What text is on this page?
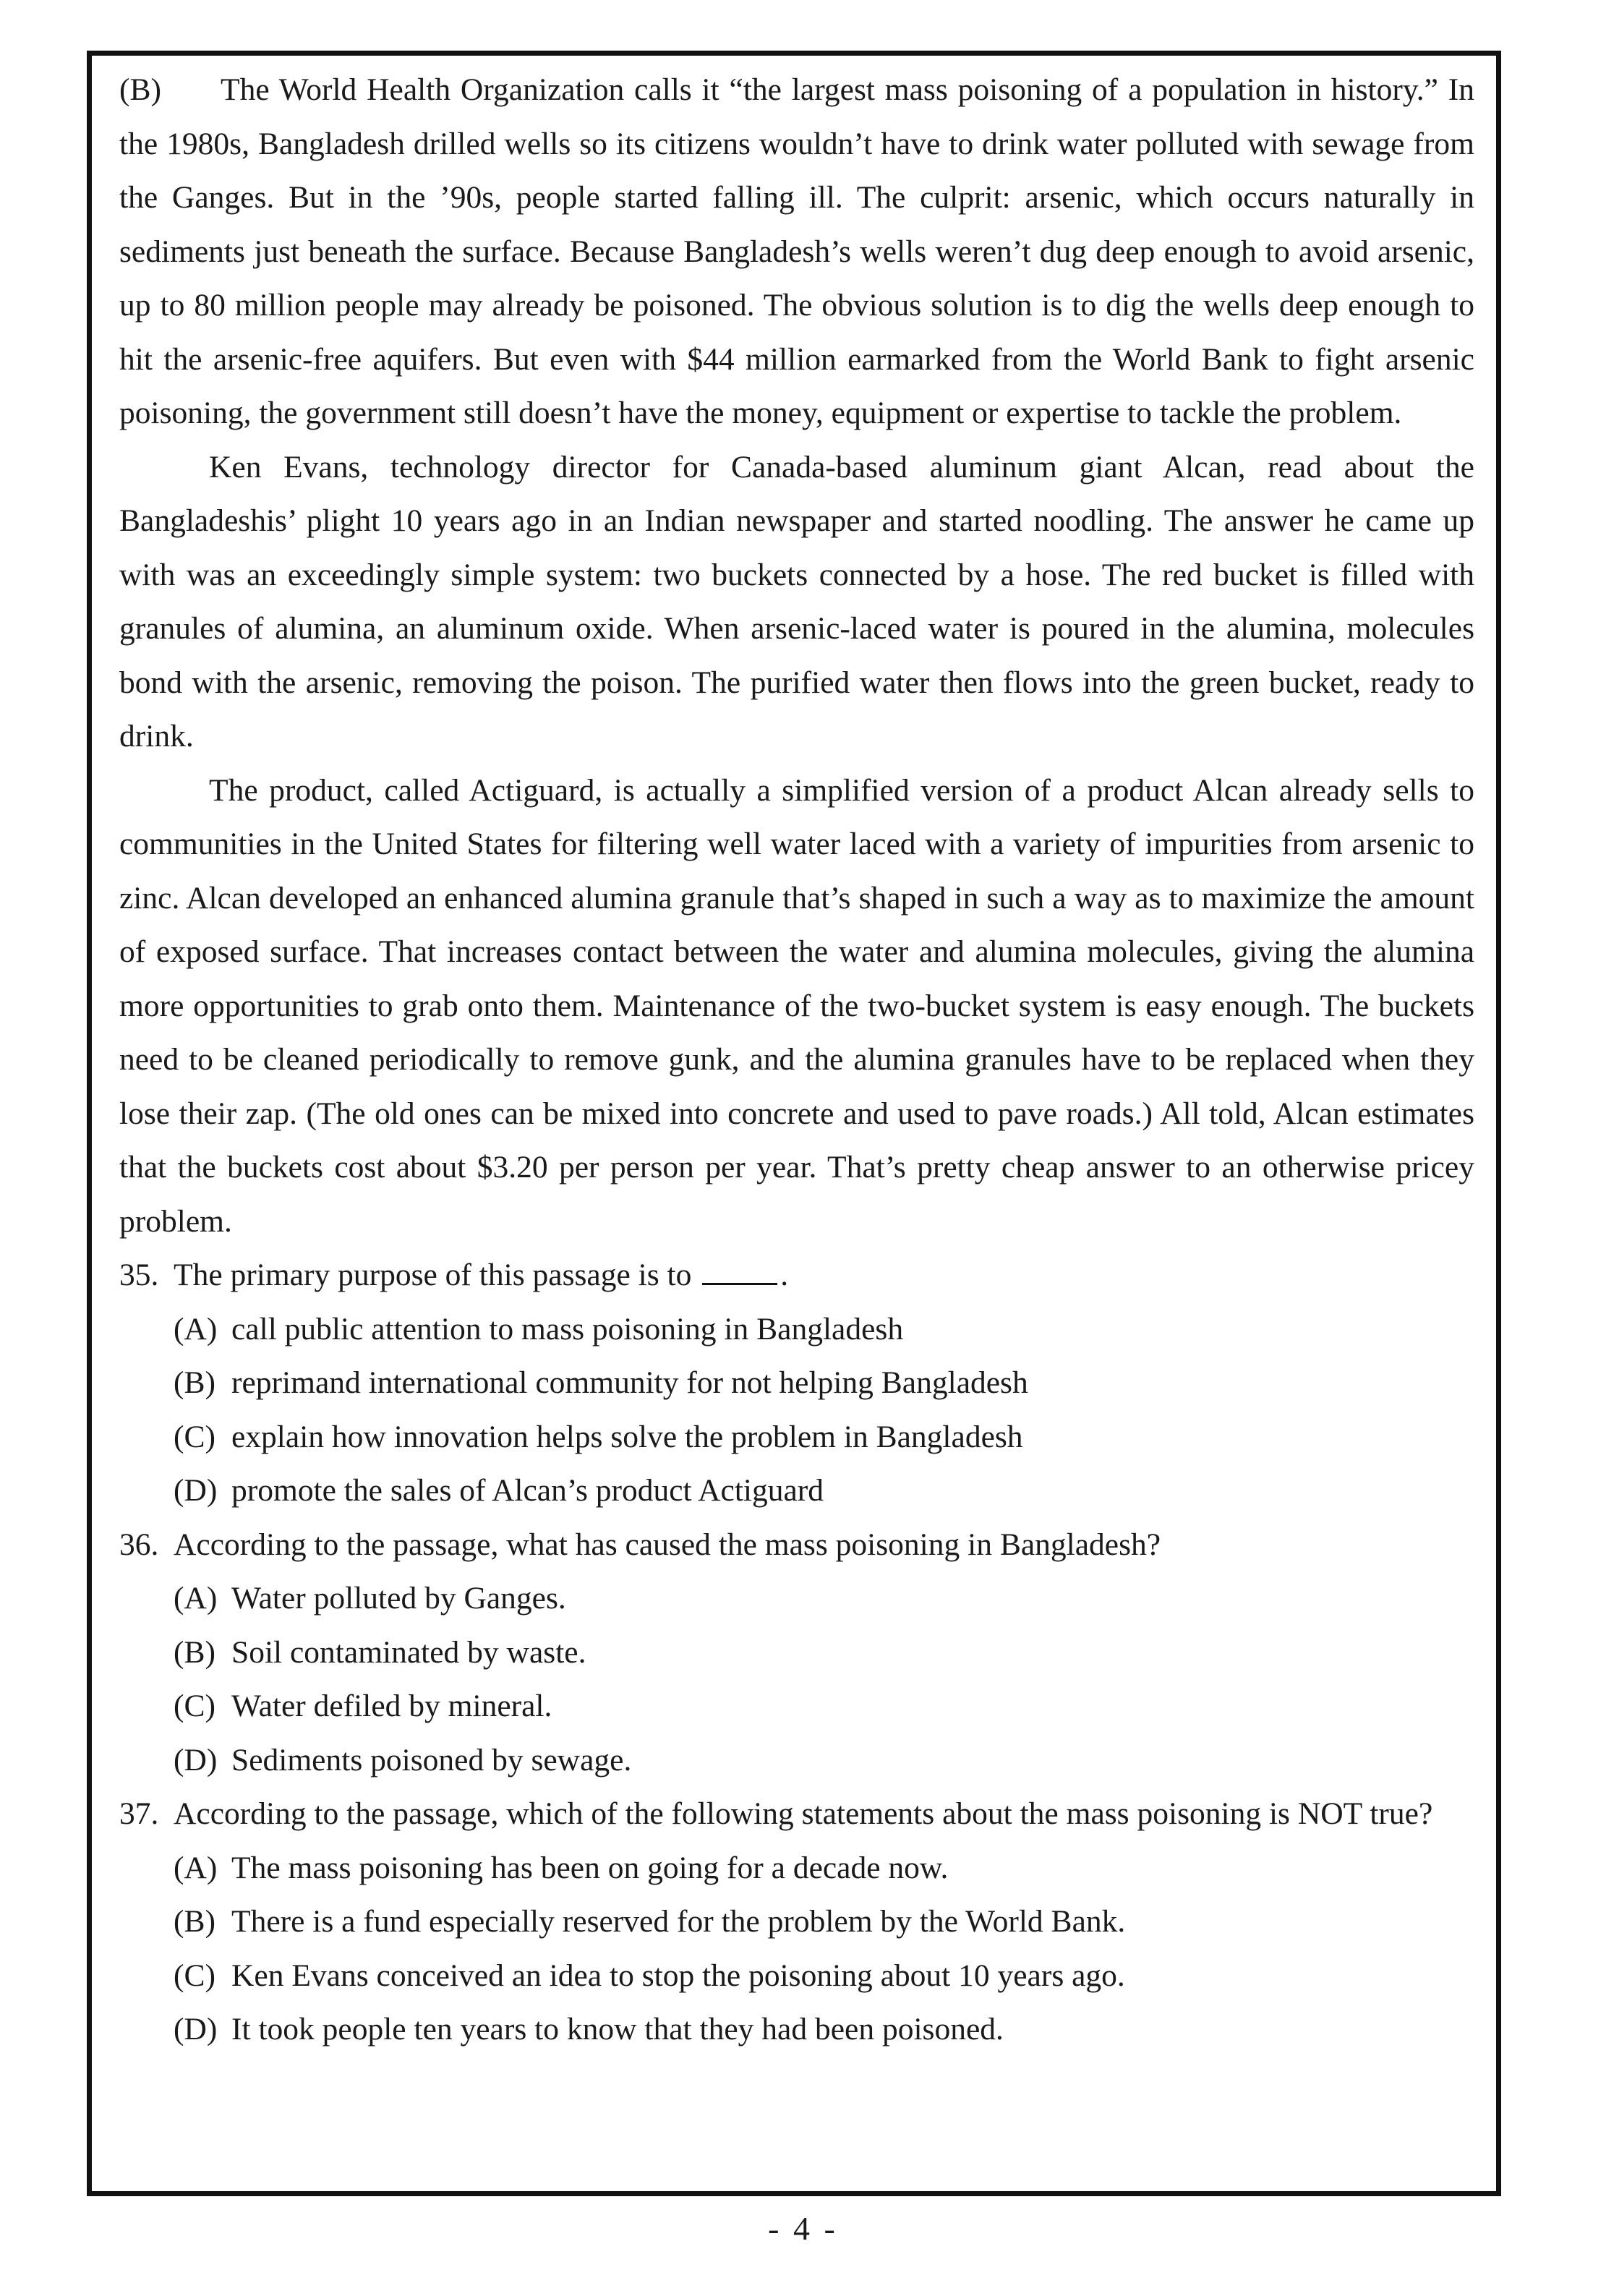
(B) The World Health Organization calls it “the largest mass poisoning of a population in history.” In the 1980s, Bangladesh drilled wells so its citizens wouldn’t have to drink water polluted with sewage from the Ganges. But in the ’90s, people started falling ill. The culprit: arsenic, which occurs naturally in sediments just beneath the surface. Because Bangladesh’s wells weren’t dug deep enough to avoid arsenic, up to 80 million people may already be poisoned. The obvious solution is to dig the wells deep enough to hit the arsenic-free aquifers. But even with $44 million earmarked from the World Bank to fight arsenic poisoning, the government still doesn’t have the money, equipment or expertise to tackle the problem.

Ken Evans, technology director for Canada-based aluminum giant Alcan, read about the Bangladeshis’ plight 10 years ago in an Indian newspaper and started noodling. The answer he came up with was an exceedingly simple system: two buckets connected by a hose. The red bucket is filled with granules of alumina, an aluminum oxide. When arsenic-laced water is poured in the alumina, molecules bond with the arsenic, removing the poison. The purified water then flows into the green bucket, ready to drink.

The product, called Actiguard, is actually a simplified version of a product Alcan already sells to communities in the United States for filtering well water laced with a variety of impurities from arsenic to zinc. Alcan developed an enhanced alumina granule that’s shaped in such a way as to maximize the amount of exposed surface. That increases contact between the water and alumina molecules, giving the alumina more opportunities to grab onto them. Maintenance of the two-bucket system is easy enough. The buckets need to be cleaned periodically to remove gunk, and the alumina granules have to be replaced when they lose their zap. (The old ones can be mixed into concrete and used to pave roads.) All told, Alcan estimates that the buckets cost about $3.20 per person per year. That’s pretty cheap answer to an otherwise pricey problem.

35. The primary purpose of this passage is to	.
(A) call public attention to mass poisoning in Bangladesh
(B) reprimand international community for not helping Bangladesh
(C) explain how innovation helps solve the problem in Bangladesh
(D) promote the sales of Alcan’s product Actiguard
36. According to the passage, what has caused the mass poisoning in Bangladesh?
(A) Water polluted by Ganges.
(B) Soil contaminated by waste.
(C) Water defiled by mineral.
(D) Sediments poisoned by sewage.
37. According to the passage, which of the following statements about the mass poisoning is NOT true?
(A) The mass poisoning has been on going for a decade now.
(B) There is a fund especially reserved for the problem by the World Bank.
(C) Ken Evans conceived an idea to stop the poisoning about 10 years ago.
(D) It took people ten years to know that they had been poisoned.
- 4 -
